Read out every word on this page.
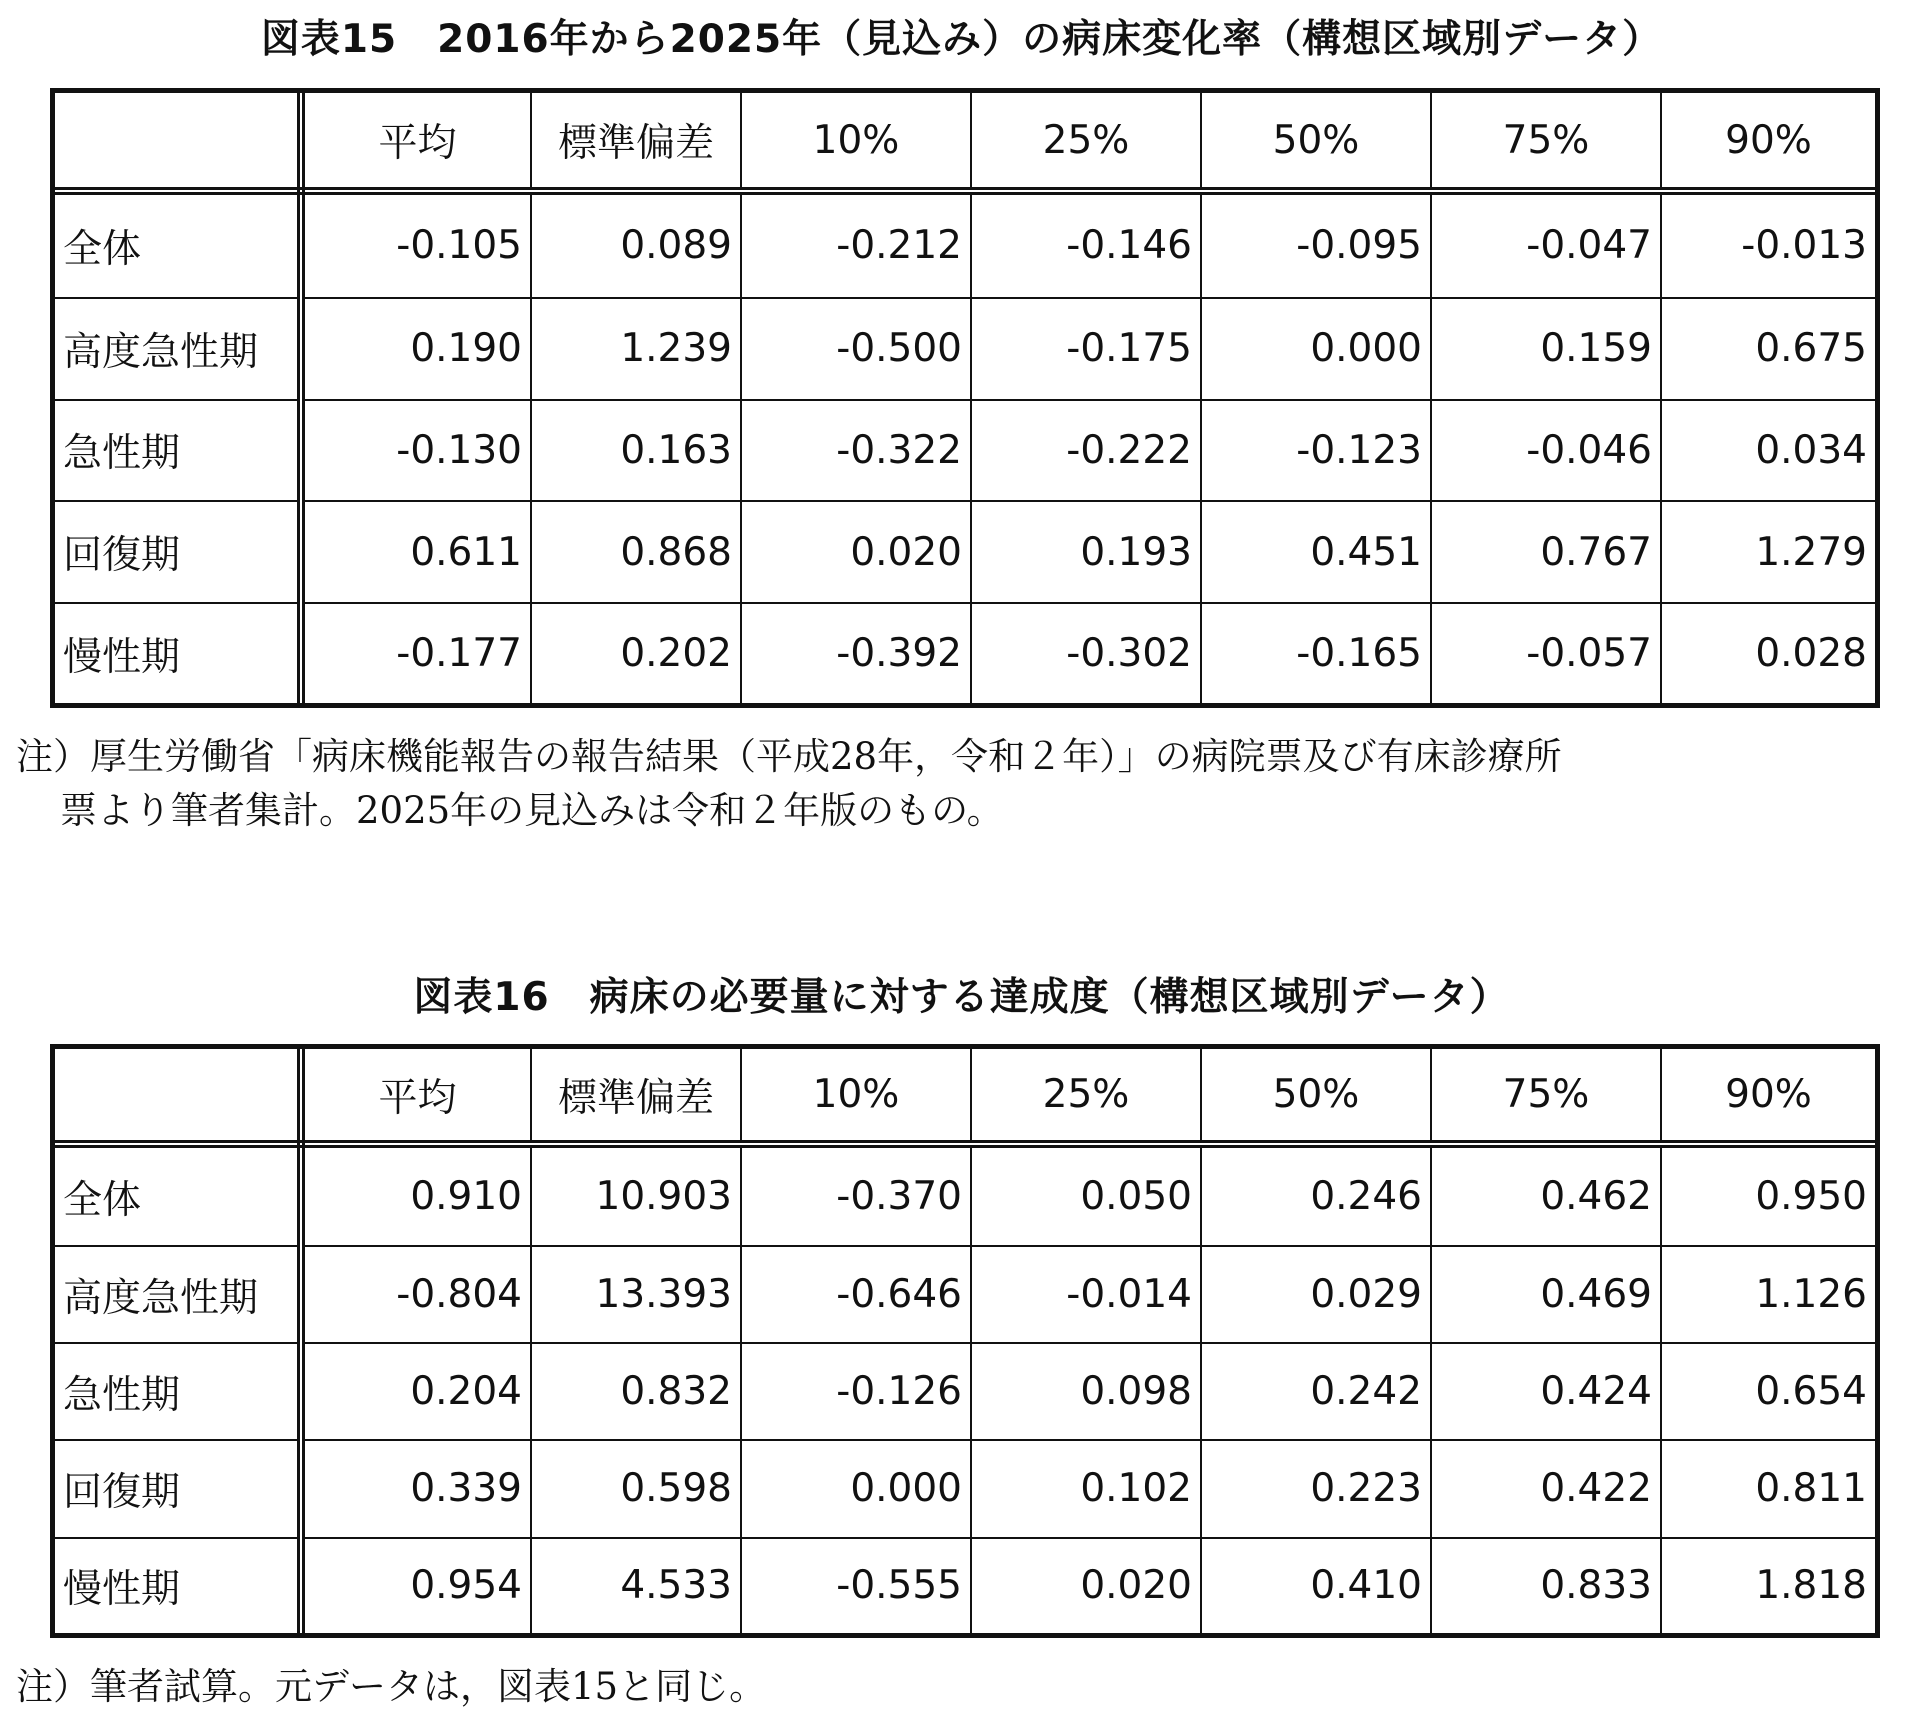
図表15　2016年から2025年（見込み）の病床変化率（構想区域別データ）
	平均	標準偏差	10%	25%	50%	75%	90%
全体	-0.105	0.089	-0.212	-0.146	-0.095	-0.047	-0.013
高度急性期	0.190	1.239	-0.500	-0.175	0.000	0.159	0.675
急性期	-0.130	0.163	-0.322	-0.222	-0.123	-0.046	0.034
回復期	0.611	0.868	0.020	0.193	0.451	0.767	1.279
慢性期	-0.177	0.202	-0.392	-0.302	-0.165	-0.057	0.028
注）厚生労働省「病床機能報告の報告結果（平成28年，令和２年）」の病院票及び有床診療所
票より筆者集計。2025年の見込みは令和２年版のもの。
図表16　病床の必要量に対する達成度（構想区域別データ）
	平均	標準偏差	10%	25%	50%	75%	90%
全体	0.910	10.903	-0.370	0.050	0.246	0.462	0.950
高度急性期	-0.804	13.393	-0.646	-0.014	0.029	0.469	1.126
急性期	0.204	0.832	-0.126	0.098	0.242	0.424	0.654
回復期	0.339	0.598	0.000	0.102	0.223	0.422	0.811
慢性期	0.954	4.533	-0.555	0.020	0.410	0.833	1.818
注）筆者試算。元データは，図表15と同じ。
